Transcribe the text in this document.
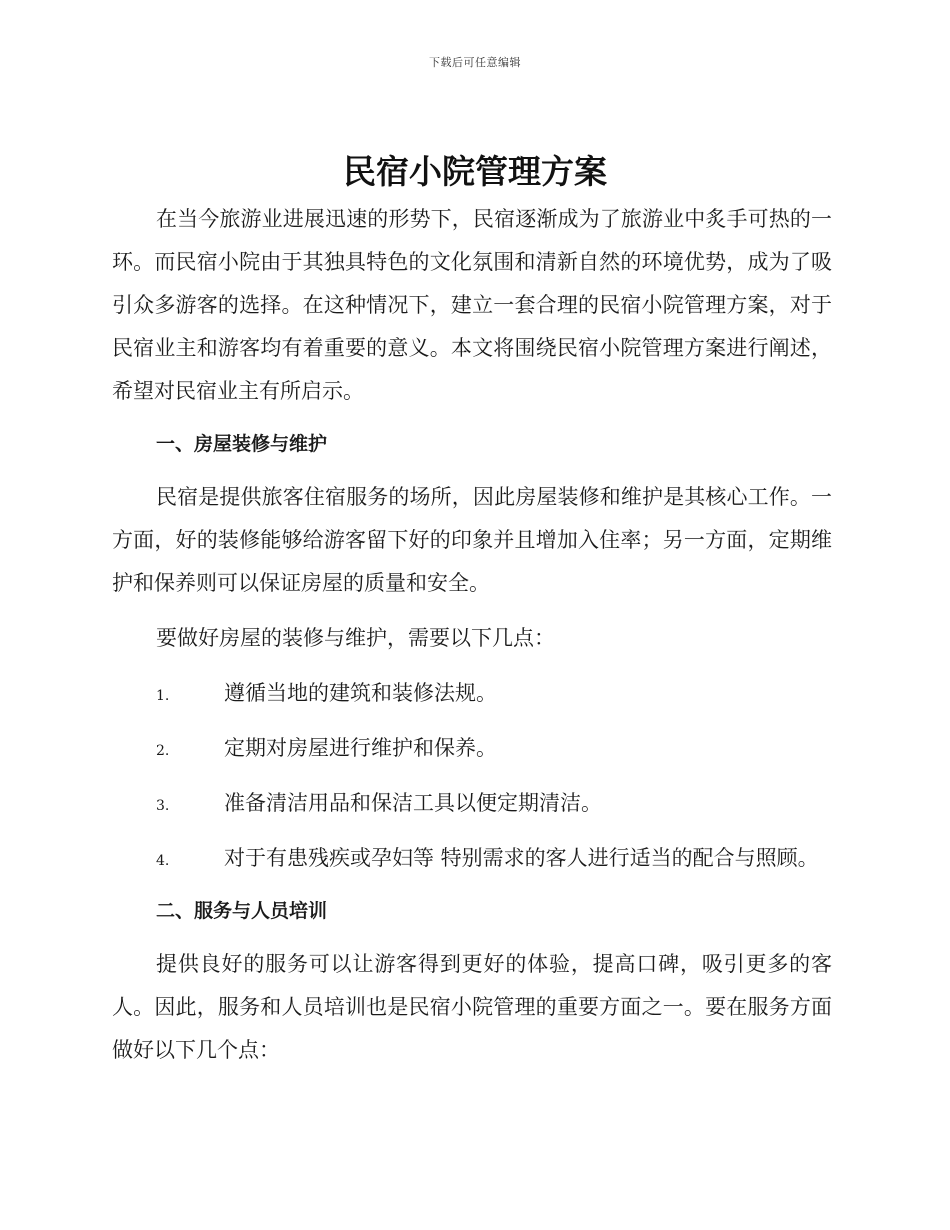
下载后可任意编辑
民宿小院管理方案

在当今旅游业进展迅速的形势下，民宿逐渐成为了旅游业中炙手可热的一环。而民宿小院由于其独具特色的文化氛围和清新自然的环境优势，成为了吸引众多游客的选择。在这种情况下，建立一套合理的民宿小院管理方案，对于民宿业主和游客均有着重要的意义。本文将围绕民宿小院管理方案进行阐述，希望对民宿业主有所启示。

一、房屋装修与维护

民宿是提供旅客住宿服务的场所，因此房屋装修和维护是其核心工作。一方面，好的装修能够给游客留下好的印象并且增加入住率；另一方面，定期维护和保养则可以保证房屋的质量和安全。

要做好房屋的装修与维护，需要以下几点：

1.	遵循当地的建筑和装修法规。
2.	定期对房屋进行维护和保养。
3.	准备清洁用品和保洁工具以便定期清洁。
4.	对于有患残疾或孕妇等 特别需求的客人进行适当的配合与照顾。
二、服务与人员培训

提供良好的服务可以让游客得到更好的体验，提高口碑，吸引更多的客人。因此，服务和人员培训也是民宿小院管理的重要方面之一。要在服务方面做好以下几个点：
